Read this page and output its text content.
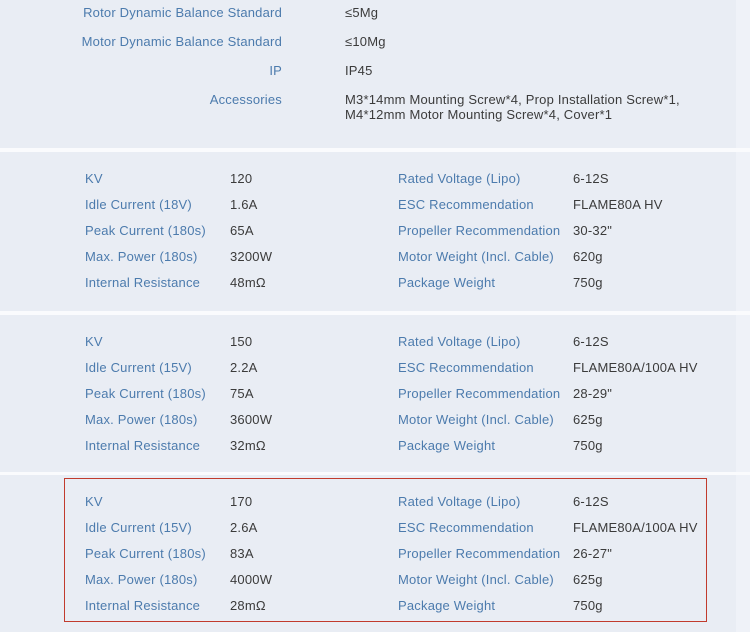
Rotor Dynamic Balance Standard	≤5Mg
Motor Dynamic Balance Standard	≤10Mg
IP	IP45
Accessories	M3*14mm Mounting Screw*4, Prop Installation Screw*1,
M4*12mm Motor Mounting Screw*4, Cover*1
KV	120	Rated Voltage (Lipo)	6-12S
Idle Current (18V)	1.6A	ESC Recommendation	FLAME80A HV
Peak Current (180s)	65A	Propeller Recommendation 30-32"
Max. Power (180s)	3200W	Motor Weight (Incl. Cable)	620g
Internal Resistance	48mΩ	Package Weight	750g
KV	150	Rated Voltage (Lipo)	6-12S
Idle Current (15V)	2.2A	ESC Recommendation	FLAME80A/100A HV
Peak Current (180s)	75A	Propeller Recommendation 28-29"
Max. Power (180s)	3600W	Motor Weight (Incl. Cable)	625g
Internal Resistance	32mΩ	Package Weight	750g
KV	170	Rated Voltage (Lipo)	6-12S
Idle Current (15V)	2.6A	ESC Recommendation	FLAME80A/100A HV
Peak Current (180s)	83A	Propeller Recommendation 26-27"
Max. Power (180s)	4000W	Motor Weight (Incl. Cable)	625g
Internal Resistance	28mΩ	Package Weight	750g
